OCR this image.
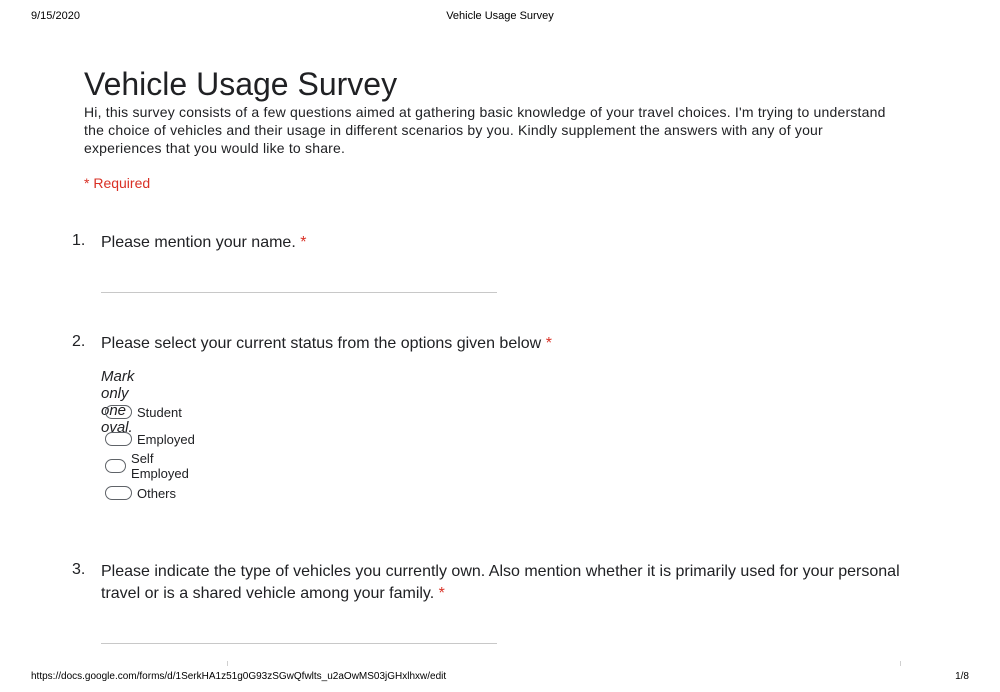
9/15/2020	Vehicle Usage Survey
Vehicle Usage Survey

Hi, this survey consists of a few questions aimed at gathering basic knowledge of your travel choices. I'm trying to understand the choice of vehicles and their usage in different scenarios by you. Kindly supplement the answers with any of your experiences that you would like to share.

* Required
1. Please mention your name. *
2. Please select your current status from the options given below *
Mark only one oval.
Student
Employed
Self Employed
Others
3. Please indicate the type of vehicles you currently own. Also mention whether it is primarily used for your personal travel or is a shared vehicle among your family. *
https://docs.google.com/forms/d/1SerkHA1z51g0G93zSGwQfwlts_u2aOwMS03jGHxlhxw/edit	1/8
